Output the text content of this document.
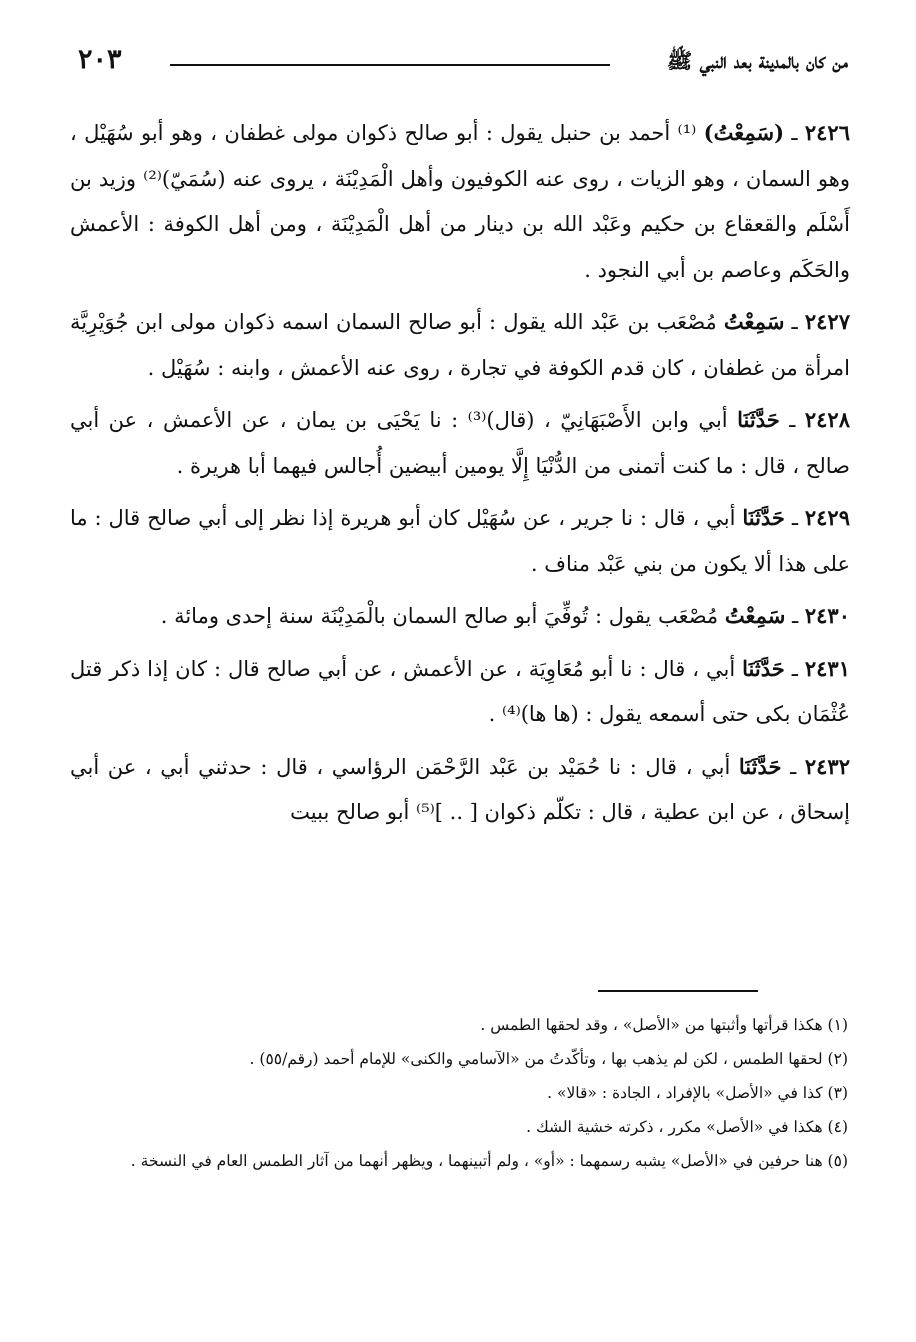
من كان بالمدينة بعد النبي ﷺ
٢٠٣

٢٤٢٦ ـ (سَمِعْتُ) ⁽¹⁾ أحمد بن حنبل يقول : أبو صالح ذكوان مولى غطفان ، وهو أبو سُهَيْل ، وهو السمان ، وهو الزيات ، روى عنه الكوفيون وأهل الْمَدِيْنَة ، يروى عنه (سُمَيّ)⁽²⁾ وزيد بن أَسْلَم والقعقاع بن حكيم وعَبْد الله بن دينار من أهل الْمَدِيْنَة ، ومن أهل الكوفة : الأعمش والحَكَم وعاصم بن أبي النجود .

٢٤٢٧ ـ سَمِعْتُ مُصْعَب بن عَبْد الله يقول : أبو صالح السمان اسمه ذكوان مولى ابن جُوَيْرِيَّة امرأة من غطفان ، كان قدم الكوفة في تجارة ، روى عنه الأعمش ، وابنه : سُهَيْل .

٢٤٢٨ ـ حَدَّثَنَا أبي وابن الأَصْبَهَانِيّ ، (قال)⁽³⁾ : نا يَحْيَى بن يمان ، عن الأعمش ، عن أبي صالح ، قال : ما كنت أتمنى من الدُّنْيَا إِلَّا يومين أبيضين أُجالس فيهما أبا هريرة .

٢٤٢٩ ـ حَدَّثَنَا أبي ، قال : نا جرير ، عن سُهَيْل كان أبو هريرة إذا نظر إلى أبي صالح قال : ما على هذا ألا يكون من بني عَبْد مناف .

٢٤٣٠ ـ سَمِعْتُ مُصْعَب يقول : تُوفِّيَ أبو صالح السمان بالْمَدِيْنَة سنة إحدى ومائة .

٢٤٣١ ـ حَدَّثَنَا أبي ، قال : نا أبو مُعَاوِيَة ، عن الأعمش ، عن أبي صالح قال : كان إذا ذكر قتل عُثْمَان بكى حتى أسمعه يقول : (ها ها)⁽⁴⁾ .

٢٤٣٢ ـ حَدَّثَنَا أبي ، قال : نا حُمَيْد بن عَبْد الرَّحْمَن الرؤاسي ، قال : حدثني أبي ، عن أبي إسحاق ، عن ابن عطية ، قال : تكلّم ذكوان [ .. ]⁽⁵⁾ أبو صالح ببيت

(١) هكذا قرأتها وأثبتها من «الأصل» ، وقد لحقها الطمس .

(٢) لحقها الطمس ، لكن لم يذهب بها ، وتأكّدتُ من «الآسامي والكنى» للإمام أحمد (رقم/٥٥) .

(٣) كذا في «الأصل» بالإفراد ، الجادة : «قالا» .

(٤) هكذا في «الأصل» مكرر ، ذكرته خشية الشك .

(٥) هنا حرفين في «الأصل» يشبه رسمهما : «أو» ، ولم أتبينهما ، ويظهر أنهما من آثار الطمس العام في النسخة .
